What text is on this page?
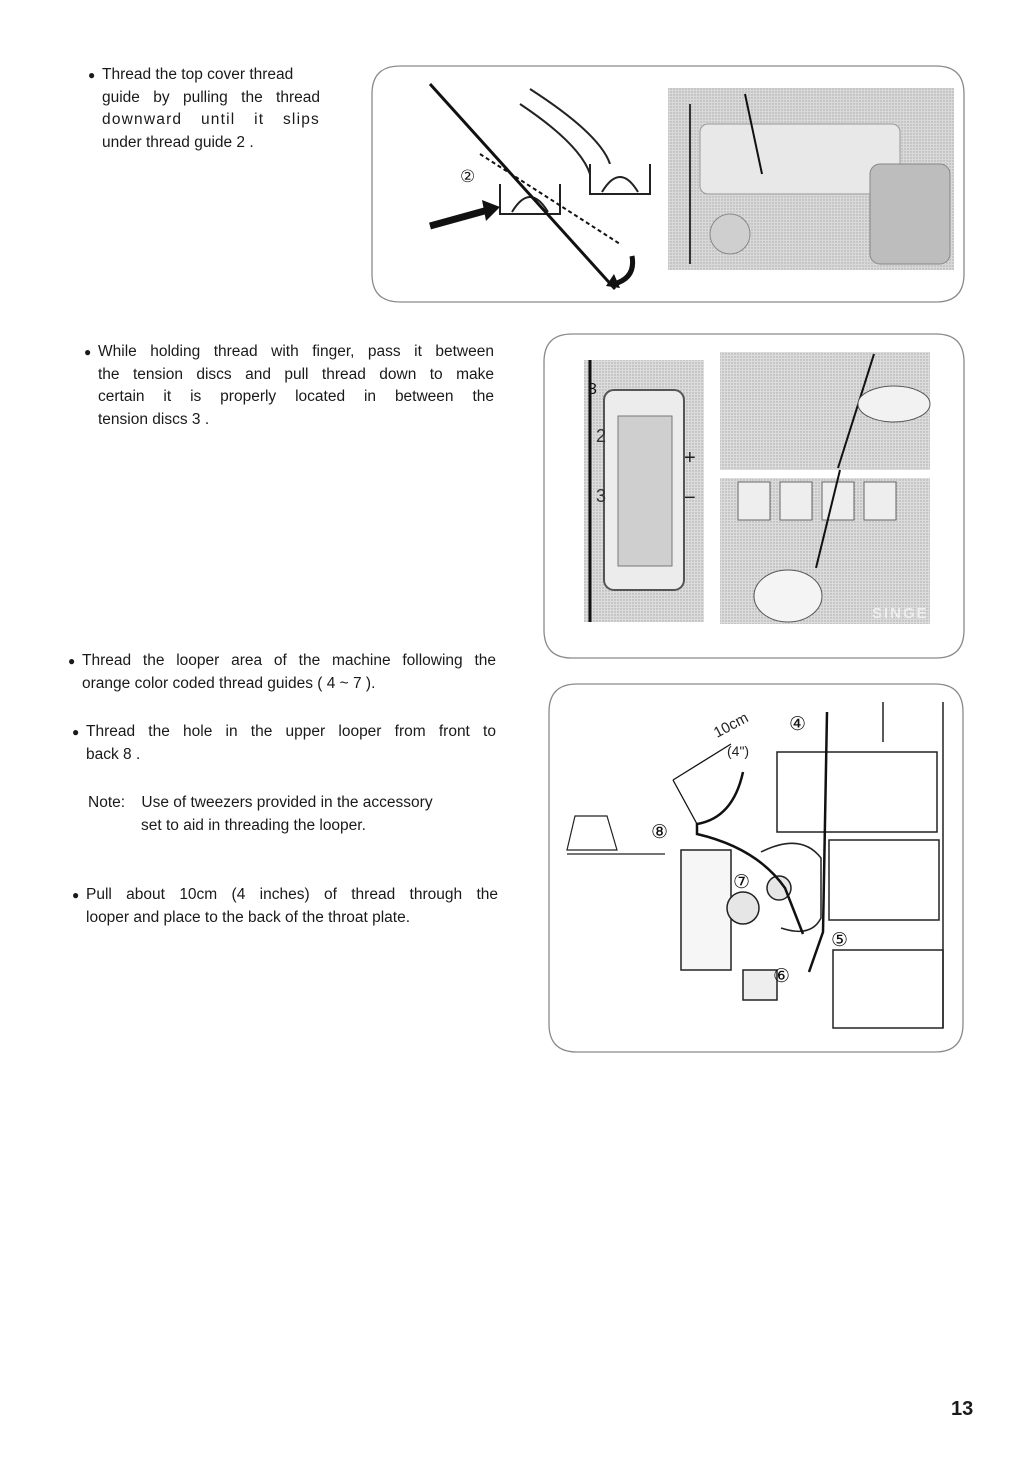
● Thread the top cover thread
guide by pulling the thread
downward until it slips
under thread guide 2 .
● While holding thread with finger, pass it between
the tension discs and pull thread down to make
certain it is properly located in between the
tension discs 3 .
● Thread the looper area of the machine following the
orange color coded thread guides ( 4 ~ 7 ).
● Thread the hole in the upper looper from front to
back 8 .
Note: Use of tweezers provided in the accessory
set to aid in threading the looper.
● Pull about 10cm (4 inches) of thread through the
looper and place to the back of the throat plate.
②
2
3
+
−
3
SINGE
10cm
(4")
④
⑤
⑥
⑦
⑧
13
